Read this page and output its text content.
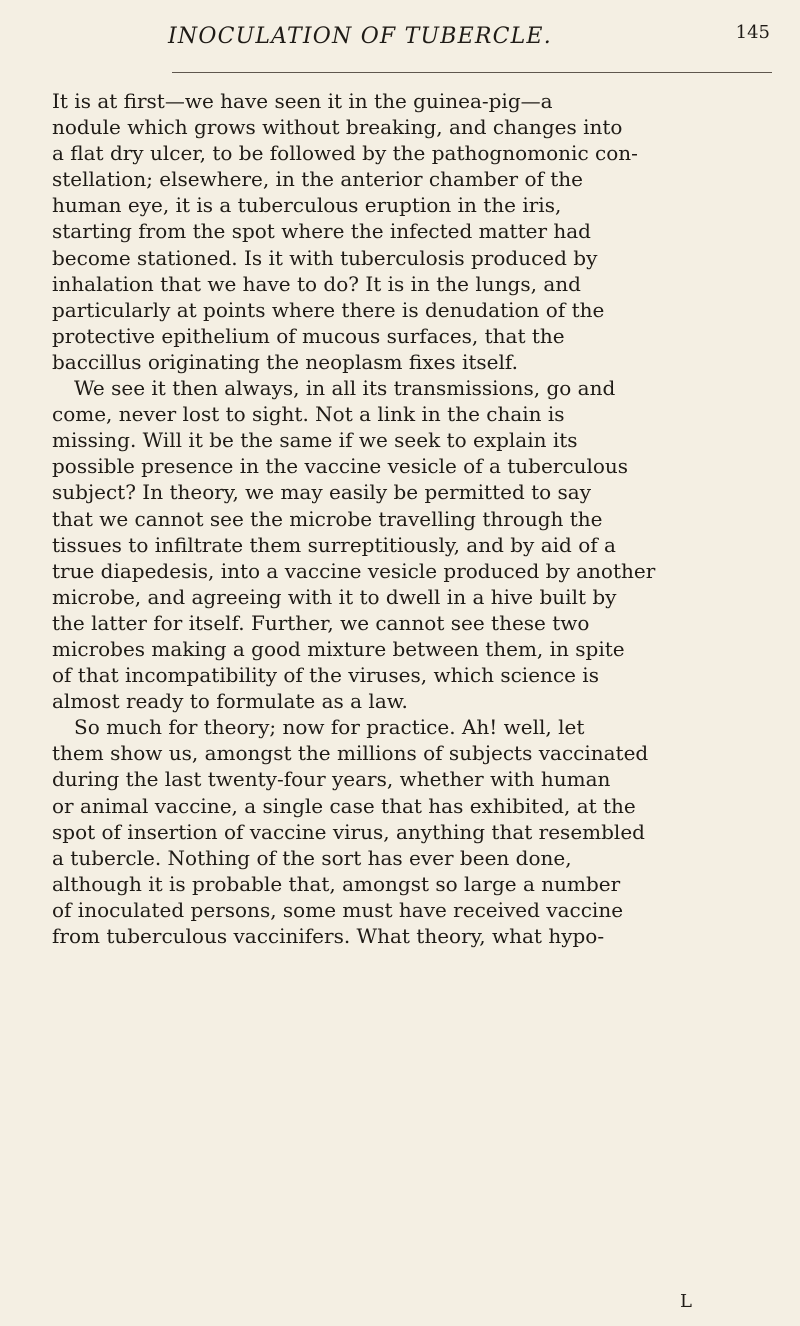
INOCULATION OF TUBERCLE.	145
It is at first—we have seen it in the guinea-pig—a
nodule which grows without breaking, and changes into
a flat dry ulcer, to be followed by the pathognomonic con-
stellation; elsewhere, in the anterior chamber of the
human eye, it is a tuberculous eruption in the iris,
starting from the spot where the infected matter had
become stationed. Is it with tuberculosis produced by
inhalation that we have to do? It is in the lungs, and
particularly at points where there is denudation of the
protective epithelium of mucous surfaces, that the
baccillus originating the neoplasm fixes itself.
We see it then always, in all its transmissions, go and
come, never lost to sight. Not a link in the chain is
missing. Will it be the same if we seek to explain its
possible presence in the vaccine vesicle of a tuberculous
subject? In theory, we may easily be permitted to say
that we cannot see the microbe travelling through the
tissues to infiltrate them surreptitiously, and by aid of a
true diapedesis, into a vaccine vesicle produced by another
microbe, and agreeing with it to dwell in a hive built by
the latter for itself. Further, we cannot see these two
microbes making a good mixture between them, in spite
of that incompatibility of the viruses, which science is
almost ready to formulate as a law.
So much for theory; now for practice. Ah! well, let
them show us, amongst the millions of subjects vaccinated
during the last twenty-four years, whether with human
or animal vaccine, a single case that has exhibited, at the
spot of insertion of vaccine virus, anything that resembled
a tubercle. Nothing of the sort has ever been done,
although it is probable that, amongst so large a number
of inoculated persons, some must have received vaccine
from tuberculous vaccinifers. What theory, what hypo-
L
